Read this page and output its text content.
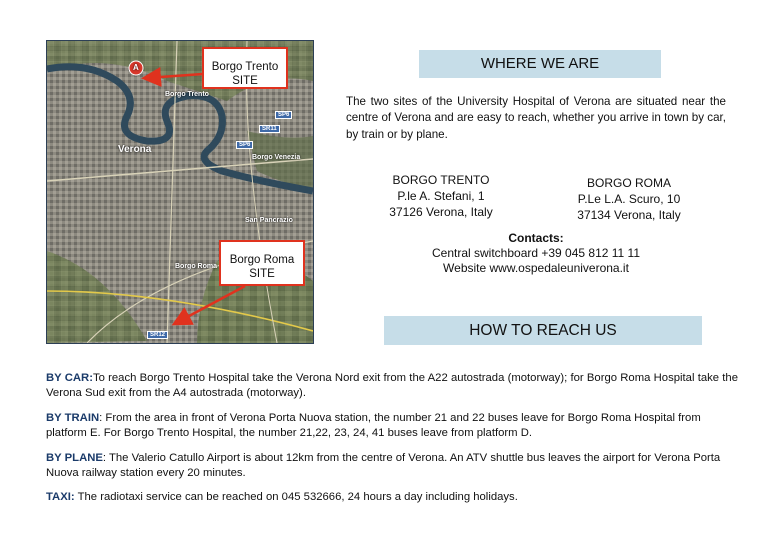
A
Verona
Borgo Trento
Borgo Venezia
San Pancrazio
Borgo Roma
SP6
SR11
SP6
SR12
Borgo Trento
SITE
Borgo Roma
SITE
WHERE WE ARE
The two sites of the University Hospital of Verona are situated near the centre of Verona and are easy to reach, whether you arrive in town by car, by train or by plane.
BORGO TRENTO
P.le A. Stefani, 1
37126 Verona, Italy
BORGO ROMA
P.Le L.A. Scuro, 10
37134 Verona, Italy
Contacts:
Central switchboard +39 045 812 11 11
Website www.ospedaleuniverona.it
HOW TO REACH US
BY CAR:To reach Borgo Trento Hospital take the Verona Nord exit from the A22 autostrada (motorway); for Borgo Roma Hospital take the Verona Sud exit from the A4 autostrada (motorway).
BY TRAIN: From the area in front of Verona Porta Nuova station, the number 21 and 22 buses leave for Borgo Roma Hospital from platform E. For Borgo Trento Hospital, the number 21,22, 23, 24, 41 buses leave from platform D.
BY PLANE: The Valerio Catullo Airport is about 12km from the centre of Verona. An ATV shuttle bus leaves the airport for Verona Porta Nuova railway station every 20 minutes.
TAXI: The radiotaxi service can be reached on 045 532666, 24 hours a day including holidays.
